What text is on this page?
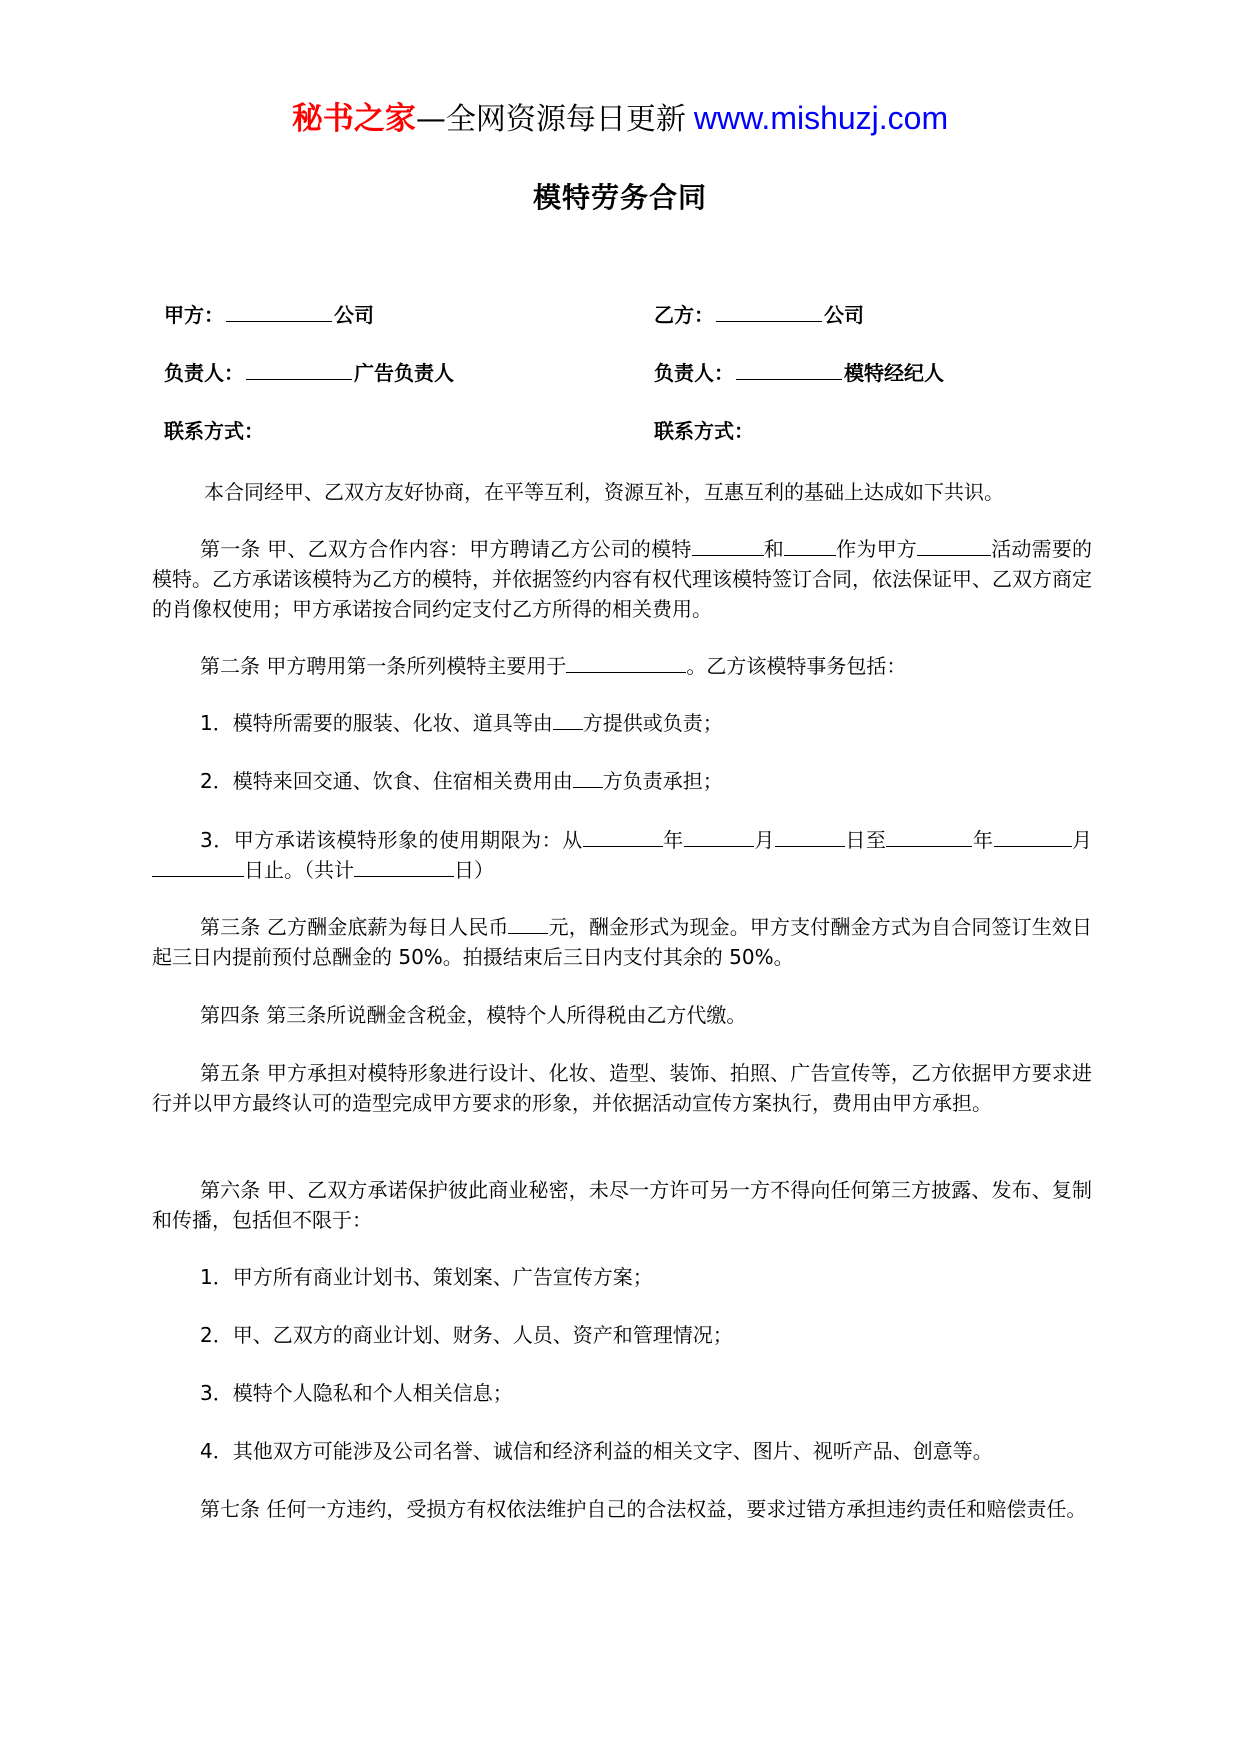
秘书之家—全网资源每日更新 www.mishuzj.com
模特劳务合同
甲方：	公司
负责人：	广告负责人
联系方式：
乙方：	公司
负责人：	模特经纪人
联系方式：

本合同经甲、乙双方友好协商，在平等互利，资源互补，互惠互利的基础上达成如下共识。

第一条 甲、乙双方合作内容：甲方聘请乙方公司的模特	和	作为甲方	活动需要的模特。乙方承诺该模特为乙方的模特，并依据签约内容有权代理该模特签订合同，依法保证甲、乙双方商定的肖像权使用；甲方承诺按合同约定支付乙方所得的相关费用。

第二条 甲方聘用第一条所列模特主要用于	。乙方该模特事务包括：

1．模特所需要的服装、化妆、道具等由 方提供或负责；

2．模特来回交通、饮食、住宿相关费用由 方负责承担；

3．甲方承诺该模特形象的使用期限为：从	年	月	日至	年	月日止。（共计	日）

第三条 乙方酬金底薪为每日人民币 元，酬金形式为现金。甲方支付酬金方式为自合同签订生效日起三日内提前预付总酬金的 50%。拍摄结束后三日内支付其余的 50%。

第四条 第三条所说酬金含税金，模特个人所得税由乙方代缴。

第五条 甲方承担对模特形象进行设计、化妆、造型、装饰、拍照、广告宣传等，乙方依据甲方要求进行并以甲方最终认可的造型完成甲方要求的形象，并依据活动宣传方案执行，费用由甲方承担。

第六条 甲、乙双方承诺保护彼此商业秘密，未尽一方许可另一方不得向任何第三方披露、发布、复制和传播，包括但不限于：

1．甲方所有商业计划书、策划案、广告宣传方案；

2．甲、乙双方的商业计划、财务、人员、资产和管理情况；

3．模特个人隐私和个人相关信息；

4．其他双方可能涉及公司名誉、诚信和经济利益的相关文字、图片、视听产品、创意等。

第七条 任何一方违约，受损方有权依法维护自己的合法权益，要求过错方承担违约责任和赔偿责任。
